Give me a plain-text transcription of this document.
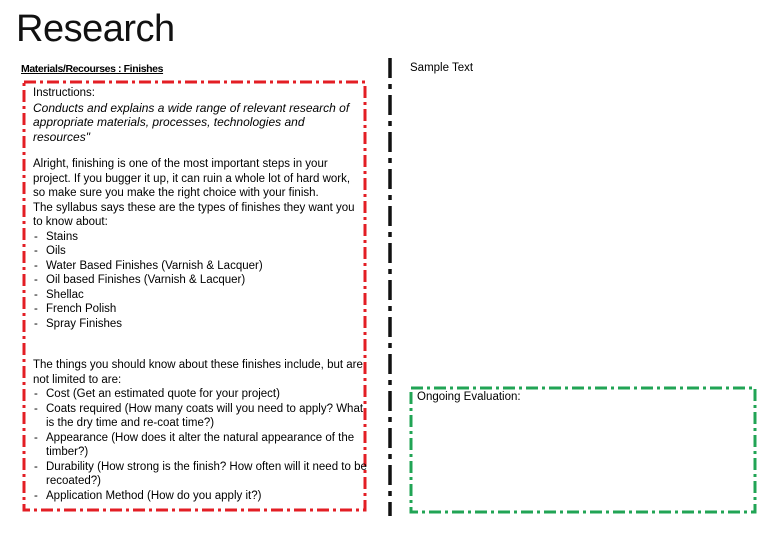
Research
Materials/Recourses : Finishes
Instructions:
Conducts and explains a wide range of relevant research of appropriate materials, processes, technologies and resources"

Alright, finishing is one of the most important steps in your project. If you bugger it up, it can ruin a whole lot of hard work, so make sure you make the right choice with your finish.

The syllabus says these are the types of finishes they want you to know about:

- Stains
- Oils
- Water Based Finishes (Varnish & Lacquer)
- Oil based Finishes (Varnish & Lacquer)
- Shellac
- French Polish
- Spray Finishes

The things you should know about these finishes include, but are not limited to are:

- Cost (Get an estimated quote for your project)
- Coats required (How many coats will you need to apply? What is the dry time and re-coat time?)
- Appearance (How does it alter the natural appearance of the timber?)
- Durability (How strong is the finish? How often will it need to be recoated?)
- Application Method (How do you apply it?)
Sample Text
Ongoing Evaluation:
